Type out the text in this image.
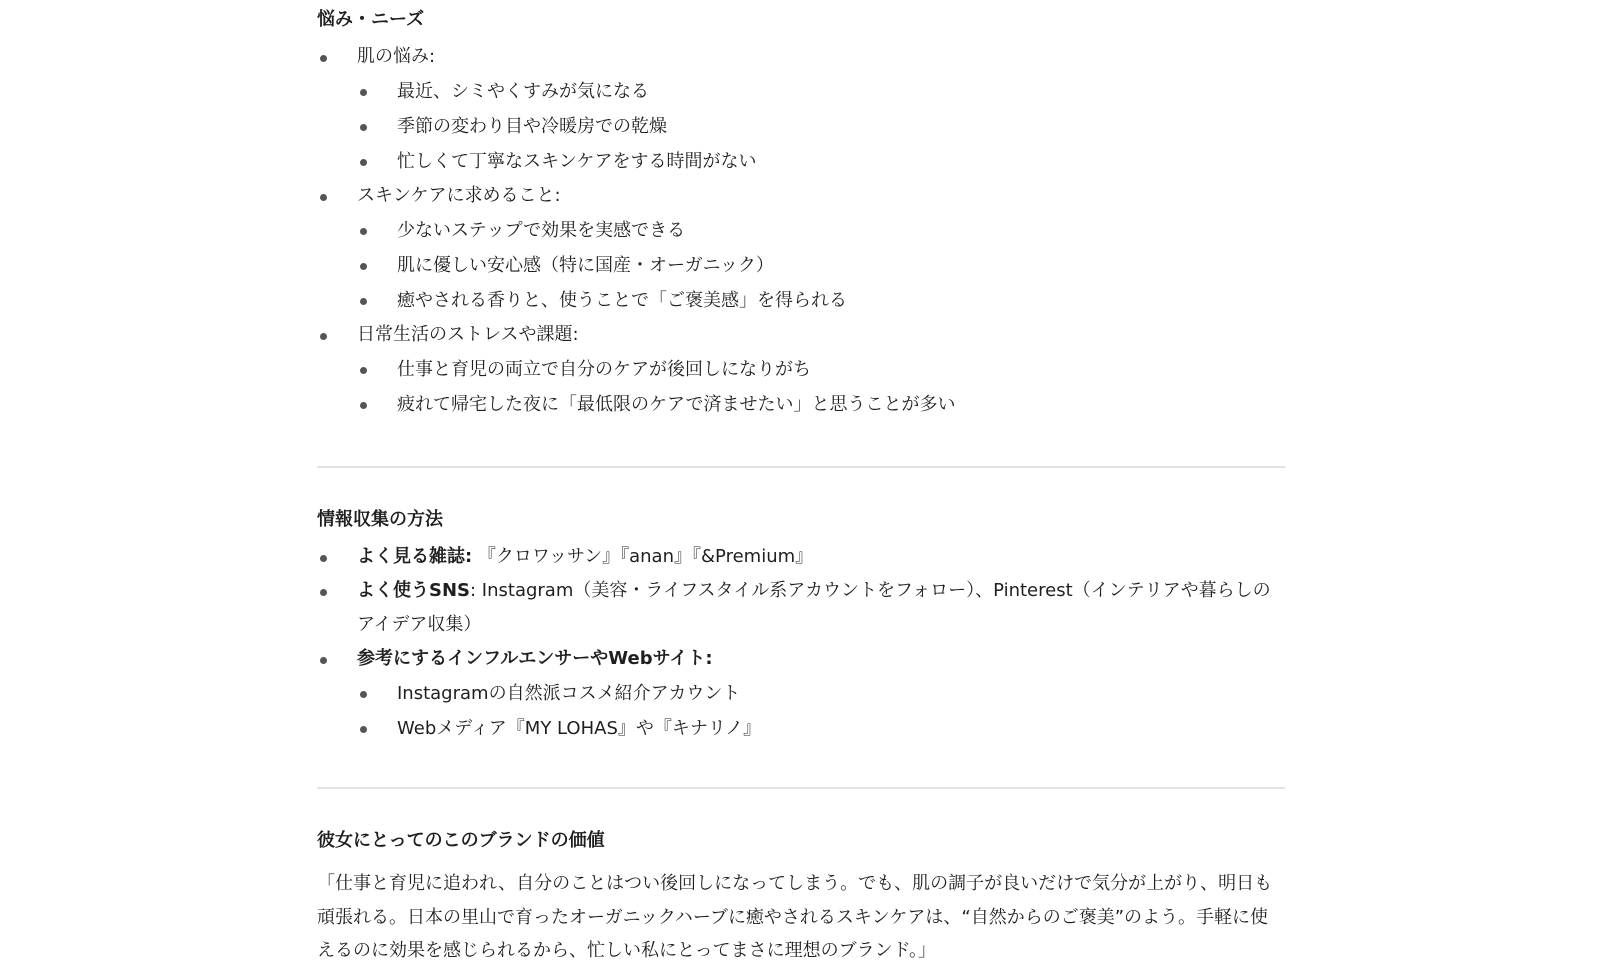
悩み・ニーズ
肌の悩み:
最近、シミやくすみが気になる
季節の変わり目や冷暖房での乾燥
忙しくて丁寧なスキンケアをする時間がない
スキンケアに求めること:
少ないステップで効果を実感できる
肌に優しい安心感（特に国産・オーガニック）
癒やされる香りと、使うことで「ご褒美感」を得られる
日常生活のストレスや課題:
仕事と育児の両立で自分のケアが後回しになりがち
疲れて帰宅した夜に「最低限のケアで済ませたい」と思うことが多い
情報収集の方法
よく見る雑誌: 『クロワッサン』『anan』『&Premium』
よく使うSNS: Instagram（美容・ライフスタイル系アカウントをフォロー）、Pinterest（インテリアや暮らしのアイデア収集）
参考にするインフルエンサーやWebサイト:
Instagramの自然派コスメ紹介アカウント
Webメディア『MY LOHAS』や『キナリノ』
彼女にとってのこのブランドの価値

「仕事と育児に追われ、自分のことはつい後回しになってしまう。でも、肌の調子が良いだけで気分が上がり、明日も頑張れる。日本の里山で育ったオーガニックハーブに癒やされるスキンケアは、“自然からのご褒美”のよう。手軽に使えるのに効果を感じられるから、忙しい私にとってまさに理想のブランド。」
